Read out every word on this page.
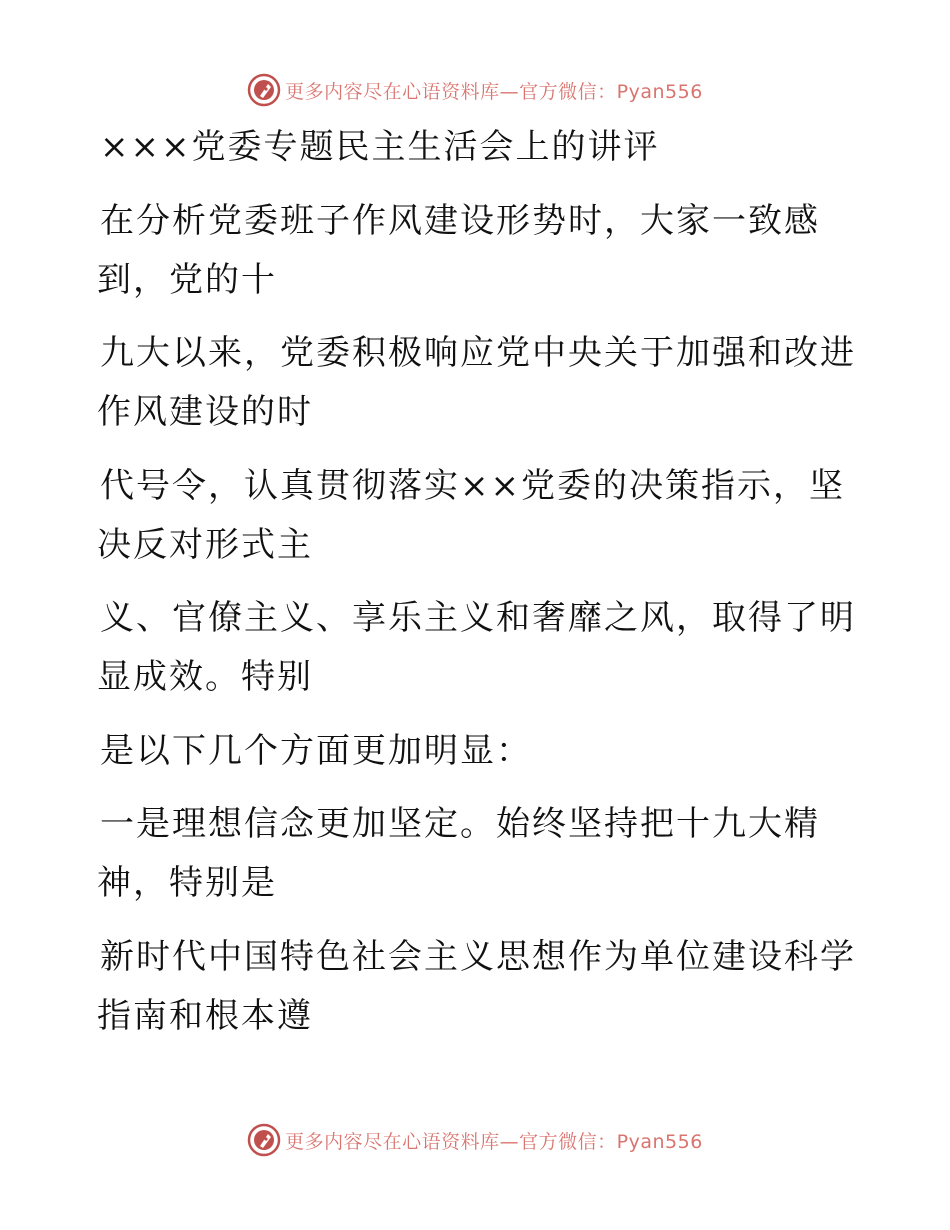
更多内容尽在心语资料库—官方微信：Pyan556
×××党委专题民主生活会上的讲评
在分析党委班子作风建设形势时，大家一致感
到，党的十
九大以来，党委积极响应党中央关于加强和改进
作风建设的时
代号令，认真贯彻落实××党委的决策指示，坚
决反对形式主
义、官僚主义、享乐主义和奢靡之风，取得了明
显成效。特别
是以下几个方面更加明显：
一是理想信念更加坚定。始终坚持把十九大精
神，特别是
新时代中国特色社会主义思想作为单位建设科学
指南和根本遵
更多内容尽在心语资料库—官方微信：Pyan556
